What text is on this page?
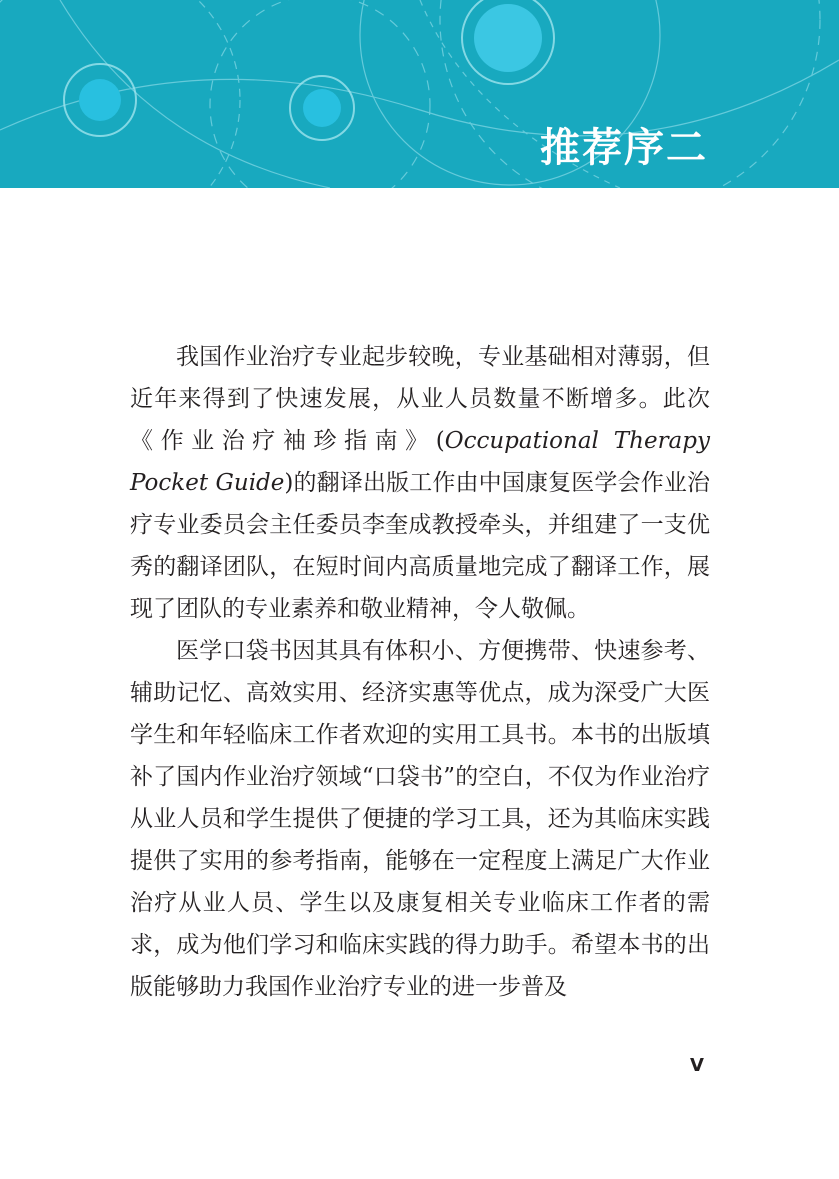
推荐序二

我国作业治疗专业起步较晚，专业基础相对薄弱，但近年来得到了快速发展，从业人员数量不断增多。此次《作业治疗袖珍指南》(Occupational Therapy Pocket Guide)的翻译出版工作由中国康复医学会作业治疗专业委员会主任委员李奎成教授牵头，并组建了一支优秀的翻译团队，在短时间内高质量地完成了翻译工作，展现了团队的专业素养和敬业精神，令人敬佩。

医学口袋书因其具有体积小、方便携带、快速参考、辅助记忆、高效实用、经济实惠等优点，成为深受广大医学生和年轻临床工作者欢迎的实用工具书。本书的出版填补了国内作业治疗领域“口袋书”的空白，不仅为作业治疗从业人员和学生提供了便捷的学习工具，还为其临床实践提供了实用的参考指南，能够在一定程度上满足广大作业治疗从业人员、学生以及康复相关专业临床工作者的需求，成为他们学习和临床实践的得力助手。希望本书的出版能够助力我国作业治疗专业的进一步普及

V
